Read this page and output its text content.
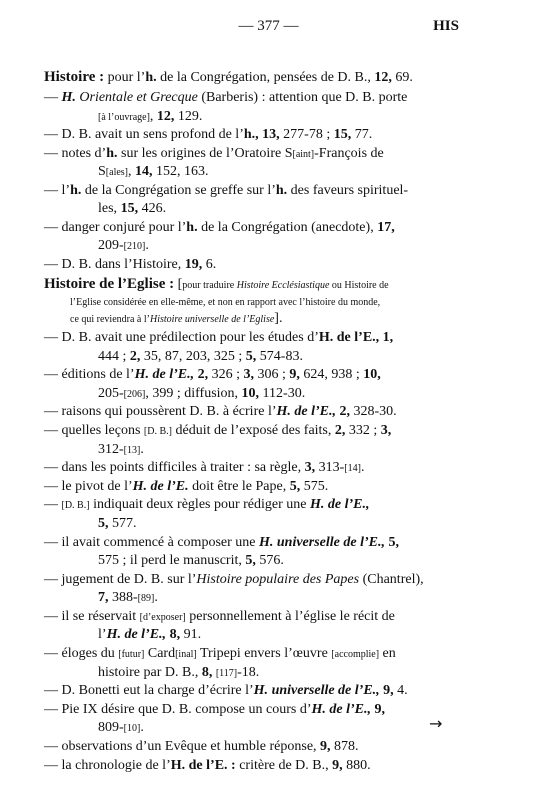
— 377 —	HIS
Histoire : pour l’h. de la Congrégation, pensées de D. B., 12, 69.
— H. Orientale et Grecque (Barberis) : attention que D. B. porte
[à l’ouvrage], 12, 129.
— D. B. avait un sens profond de l’h., 13, 277-78 ; 15, 77.
— notes d’h. sur les origines de l’Oratoire S[aint]-François de
S[ales], 14, 152, 163.
— l’h. de la Congrégation se greffe sur l’h. des faveurs spirituel-
les, 15, 426.
— danger conjuré pour l’h. de la Congrégation (anecdote), 17,
209-[210].
— D. B. dans l’Histoire, 19, 6.
Histoire de l’Eglise : [pour traduire Histoire Ecclésiastique ou Histoire de
l’Eglise considérée en elle-même, et non en rapport avec l’histoire du monde,
ce qui reviendra à l’Histoire universelle de l’Eglise].
— D. B. avait une prédilection pour les études d’H. de l’E., 1,
444 ; 2, 35, 87, 203, 325 ; 5, 574-83.
— éditions de l’H. de l’E., 2, 326 ; 3, 306 ; 9, 624, 938 ; 10,
205-[206], 399 ; diffusion, 10, 112-30.
— raisons qui poussèrent D. B. à écrire l’H. de l’E., 2, 328-30.
— quelles leçons [D. B.] déduit de l’exposé des faits, 2, 332 ; 3,
312-[13].
— dans les points difficiles à traiter : sa règle, 3, 313-[14].
— le pivot de l’H. de l’E. doit être le Pape, 5, 575.
— [D. B.] indiquait deux règles pour rédiger une H. de l’E.,
5, 577.
— il avait commencé à composer une H. universelle de l’E., 5,
575 ; il perd le manuscrit, 5, 576.
— jugement de D. B. sur l’Histoire populaire des Papes (Chantrel),
7, 388-[89].
— il se réservait [d’exposer] personnellement à l’église le récit de
l’H. de l’E., 8, 91.
— éloges du [futur] Card[inal] Tripepi envers l’œuvre [accomplie] en
histoire par D. B., 8, [117]-18.
— D. Bonetti eut la charge d’écrire l’H. universelle de l’E., 9, 4.
— Pie IX désire que D. B. compose un cours d’H. de l’E., 9,
809-[10].
— observations d’un Evêque et humble réponse, 9, 878.
— la chronologie de l’H. de l’E. : critère de D. B., 9, 880.
→
